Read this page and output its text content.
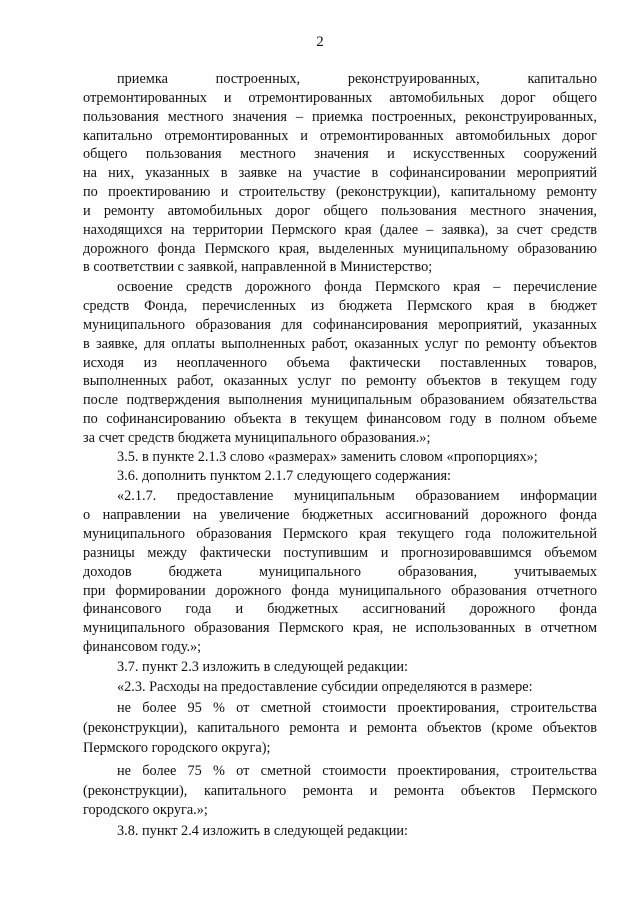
2
приемка построенных, реконструированных, капитально
отремонтированных и отремонтированных автомобильных дорог общего
пользования местного значения – приемка построенных, реконструированных,
капитально отремонтированных и отремонтированных автомобильных дорог
общего пользования местного значения и искусственных сооружений
на них, указанных в заявке на участие в софинансировании мероприятий
по проектированию и строительству (реконструкции), капитальному ремонту
и ремонту автомобильных дорог общего пользования местного значения,
находящихся на территории Пермского края (далее – заявка), за счет средств
дорожного фонда Пермского края, выделенных муниципальному образованию
в соответствии с заявкой, направленной в Министерство;
освоение средств дорожного фонда Пермского края – перечисление
средств Фонда, перечисленных из бюджета Пермского края в бюджет
муниципального образования для софинансирования мероприятий, указанных
в заявке, для оплаты выполненных работ, оказанных услуг по ремонту объектов
исходя из неоплаченного объема фактически поставленных товаров,
выполненных работ, оказанных услуг по ремонту объектов в текущем году
после подтверждения выполнения муниципальным образованием обязательства
по софинансированию объекта в текущем финансовом году в полном объеме
за счет средств бюджета муниципального образования.»;
3.5. в пункте 2.1.3 слово «размерах» заменить словом «пропорциях»;
3.6. дополнить пунктом 2.1.7 следующего содержания:
«2.1.7. предоставление муниципальным образованием информации
о направлении на увеличение бюджетных ассигнований дорожного фонда
муниципального образования Пермского края текущего года положительной
разницы между фактически поступившим и прогнозировавшимся объемом
доходов бюджета муниципального образования, учитываемых
при формировании дорожного фонда муниципального образования отчетного
финансового года и бюджетных ассигнований дорожного фонда
муниципального образования Пермского края, не использованных в отчетном
финансовом году.»;
3.7. пункт 2.3 изложить в следующей редакции:
«2.3. Расходы на предоставление субсидии определяются в размере:
не более 95 % от сметной стоимости проектирования, строительства
(реконструкции), капитального ремонта и ремонта объектов (кроме объектов
Пермского городского округа);
не более 75 % от сметной стоимости проектирования, строительства
(реконструкции), капитального ремонта и ремонта объектов Пермского
городского округа.»;
3.8. пункт 2.4 изложить в следующей редакции:
